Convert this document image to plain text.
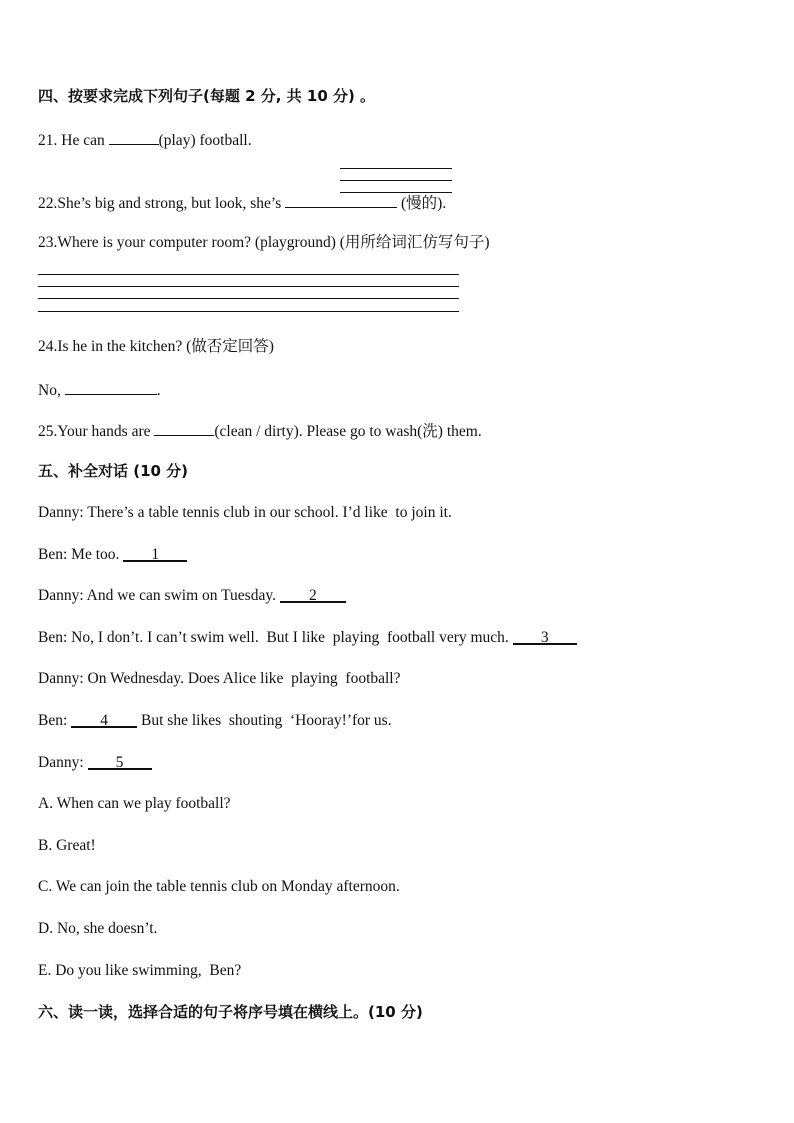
四、按要求完成下列句子(每题 2 分, 共 10 分) 。
21. He can	(play) football.
22.She’s big and strong, but look, she’s	(慢的).
23.Where is your computer room? (playground) (用所给词汇仿写句子)
24.Is he in the kitchen? (做否定回答)
No,	.
25.Your hands are	(clean / dirty). Please go to wash(洗) them.
五、补全对话 (10 分)
Danny: There’s a table tennis club in our school. I’d like  to join it.
Ben: Me too. 1
Danny: And we can swim on Tuesday. 2
Ben: No, I don’t. I can’t swim well.  But I like  playing  football very much. 3
Danny: On Wednesday. Does Alice like  playing  football?
Ben: 4 But she likes  shouting  ‘Hooray!’for us.
Danny: 5
A. When can we play football?
B. Great!
C. We can join the table tennis club on Monday afternoon.
D. No, she doesn’t.
E. Do you like swimming,  Ben?
六、读一读，选择合适的句子将序号填在横线上。(10 分)
